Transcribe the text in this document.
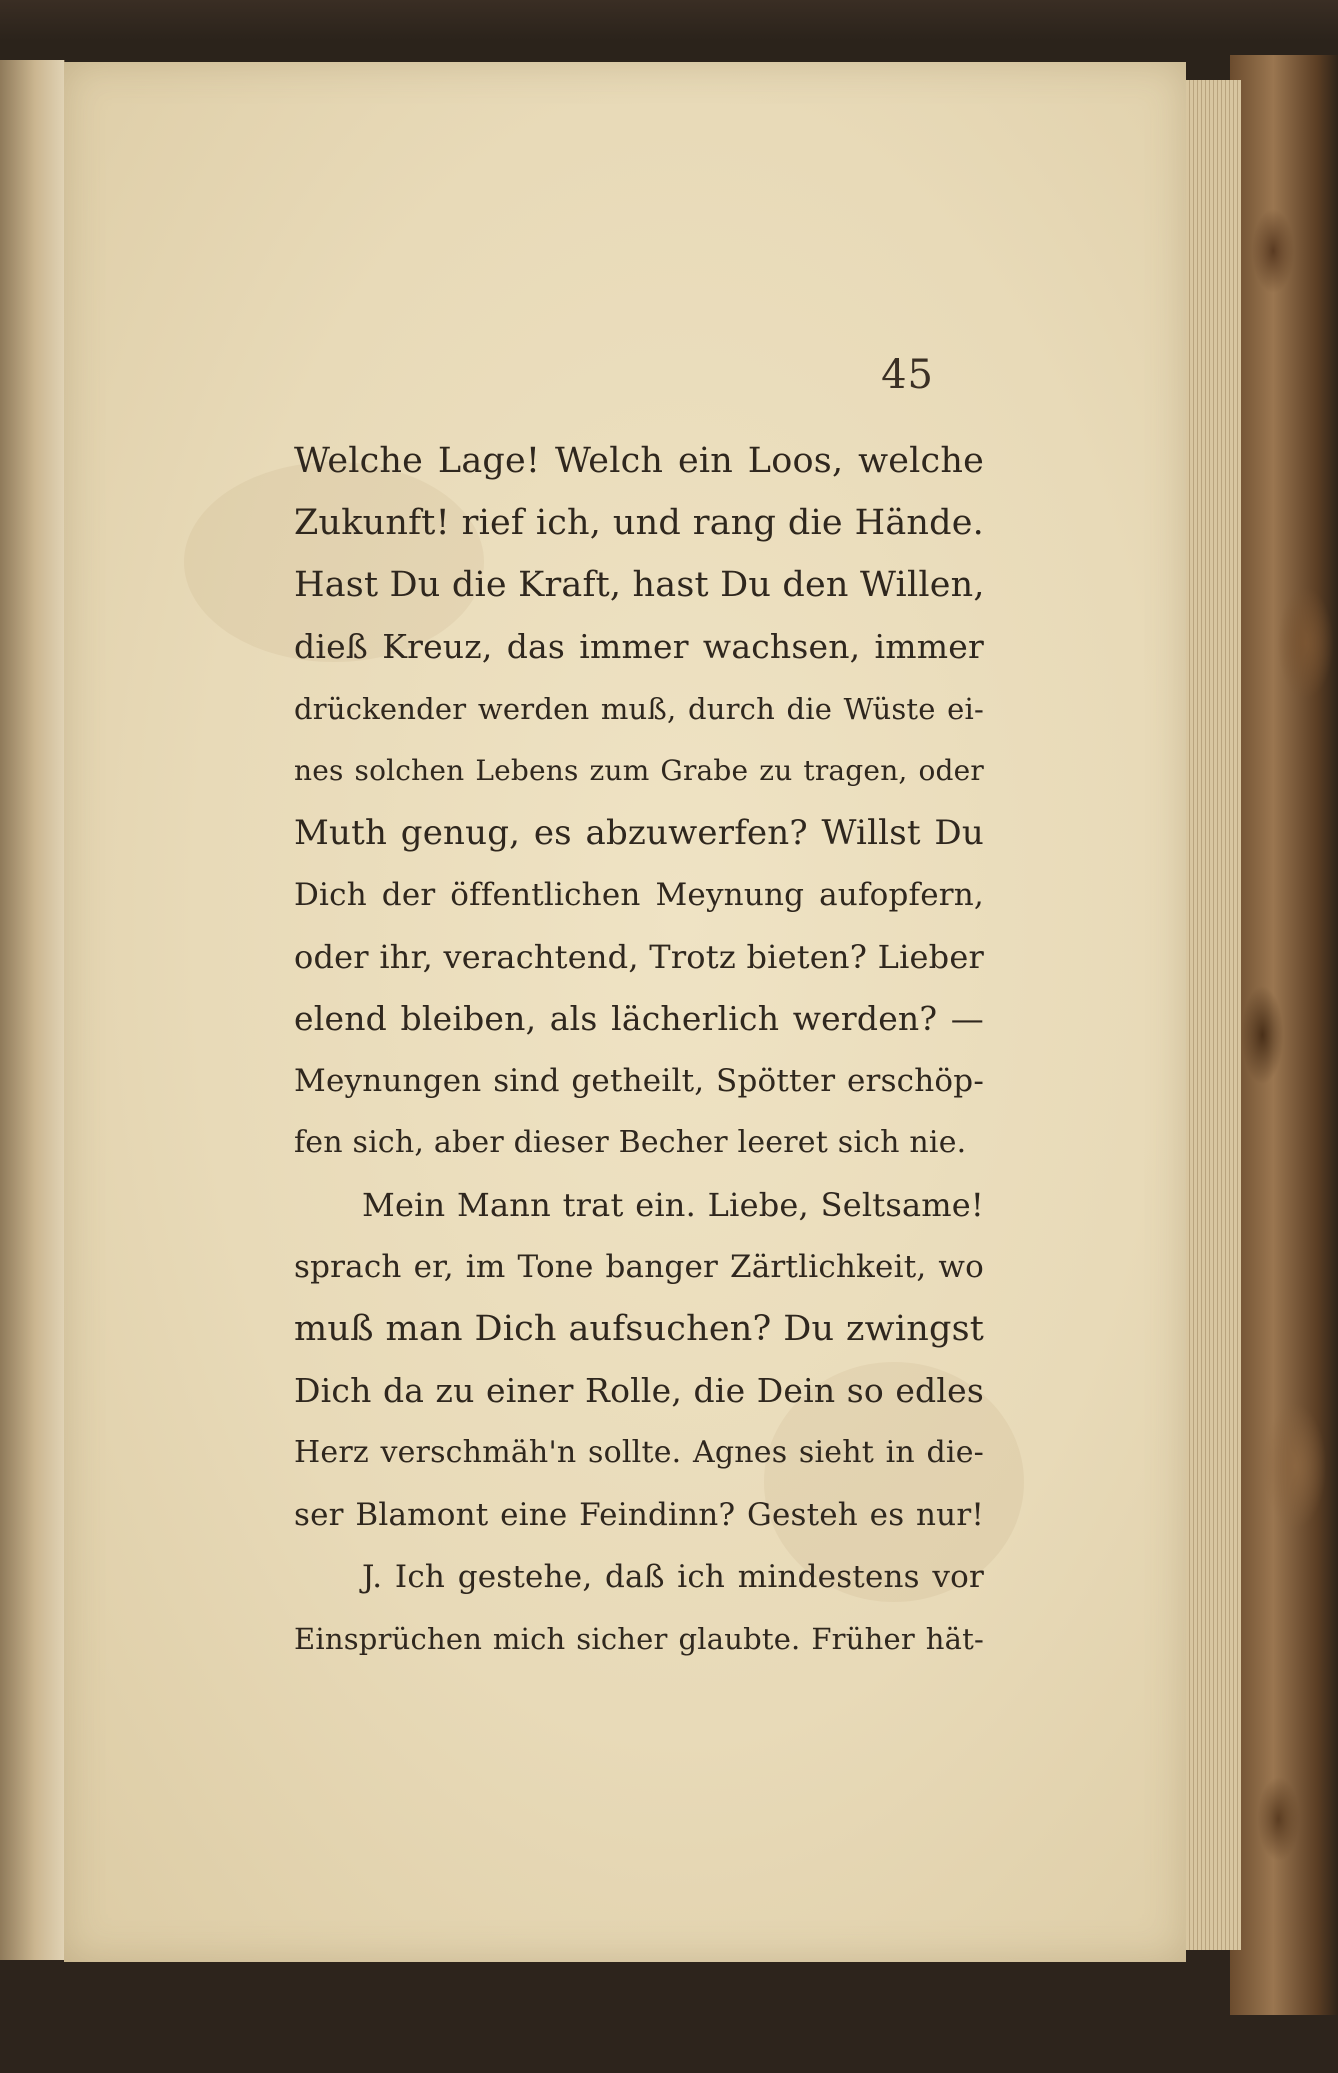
45
Welche Lage! Welch ein Loos, welche
Zukunft! rief ich, und rang die Hände.
Hast Du die Kraft, hast Du den Willen,
dieß Kreuz, das immer wachsen, immer
drückender werden muß, durch die Wüste ei-
nes solchen Lebens zum Grabe zu tragen, oder
Muth genug, es abzuwerfen? Willst Du
Dich der öffentlichen Meynung aufopfern,
oder ihr, verachtend, Trotz bieten? Lieber
elend bleiben, als lächerlich werden? —
Meynungen sind getheilt, Spötter erschöp-
fen sich, aber dieser Becher leeret sich nie.
Mein Mann trat ein. Liebe, Seltsame!
sprach er, im Tone banger Zärtlichkeit, wo
muß man Dich aufsuchen? Du zwingst
Dich da zu einer Rolle, die Dein so edles
Herz verschmäh'n sollte. Agnes sieht in die-
ser Blamont eine Feindinn? Gesteh es nur!
J. Ich gestehe, daß ich mindestens vor
Einsprüchen mich sicher glaubte. Früher hät-
